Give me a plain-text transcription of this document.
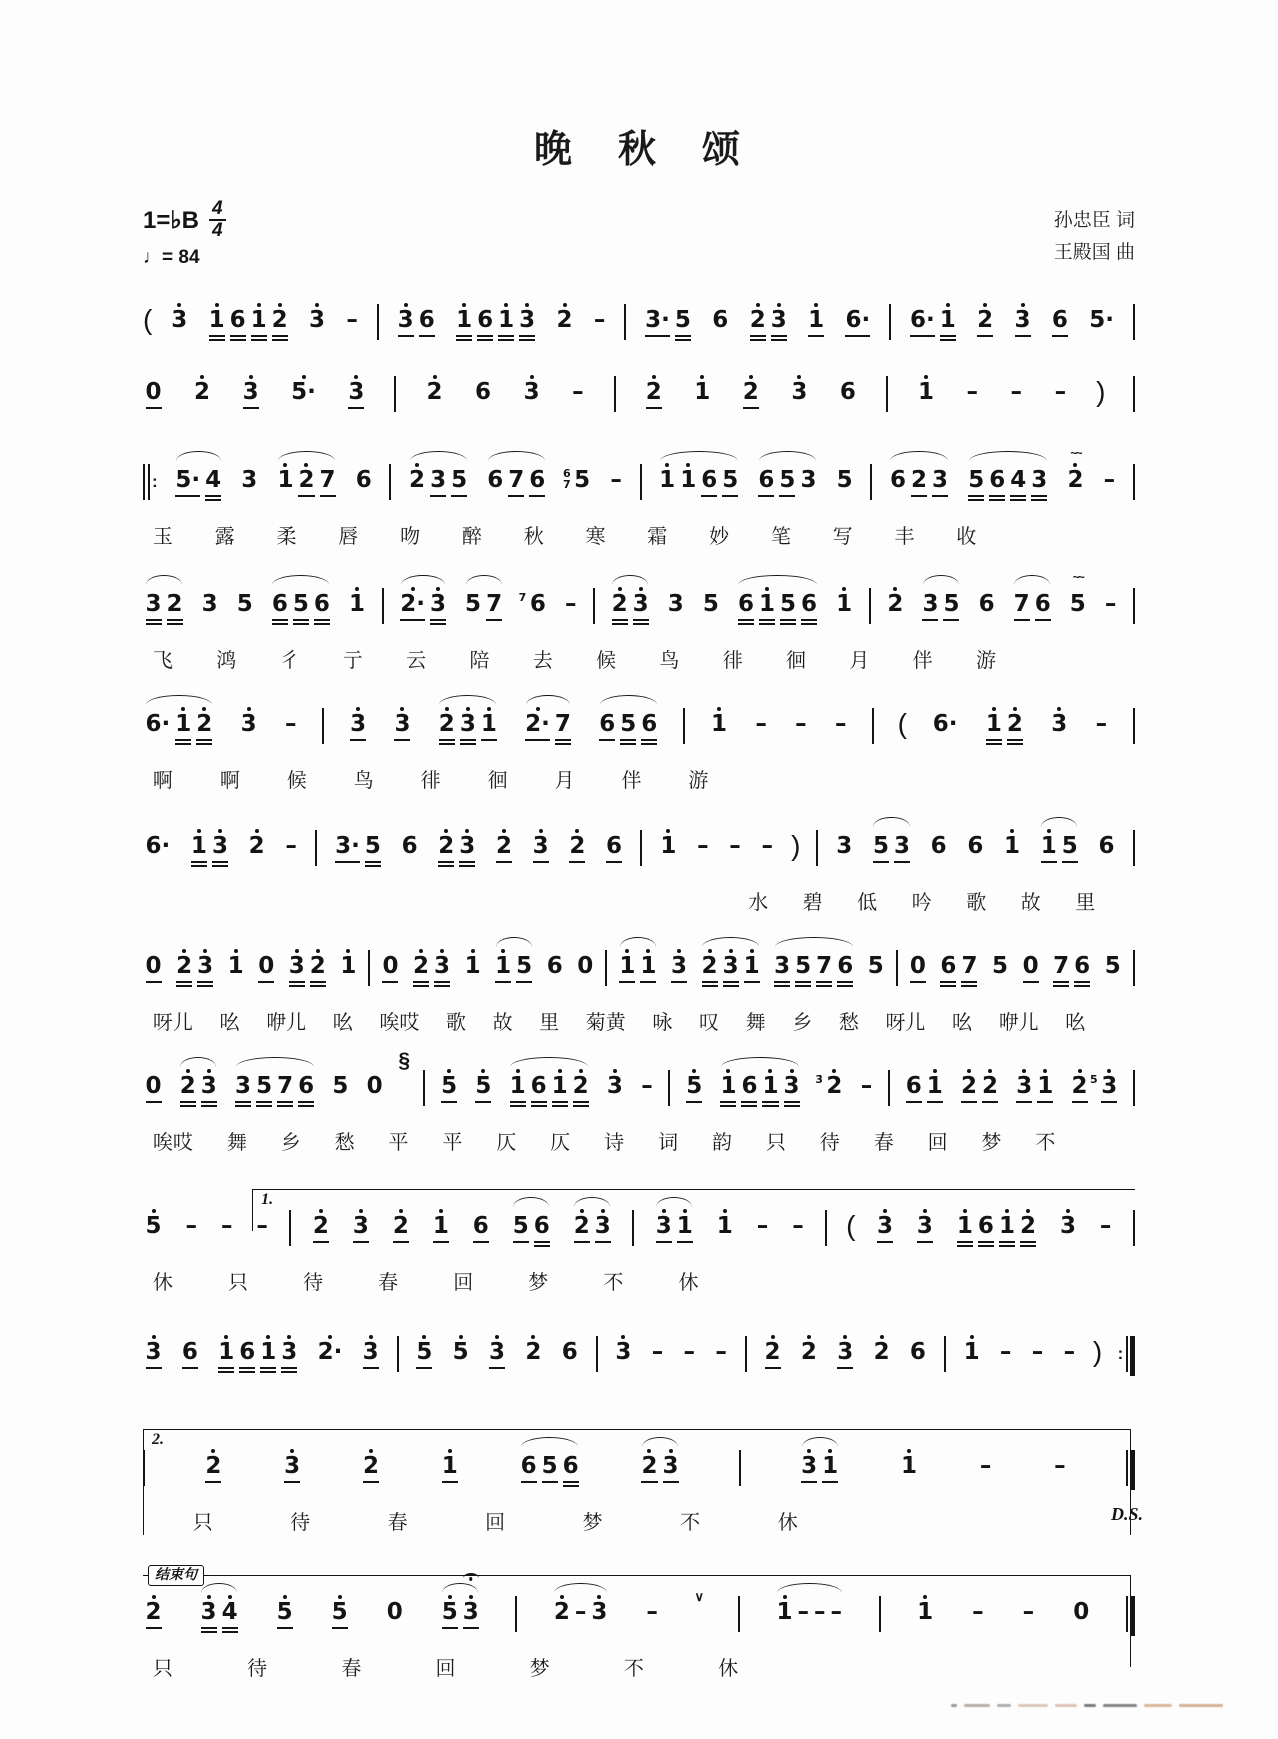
晚　秋　颂
1=♭B $\frac{4}{4}$
♩= 84
孙忠臣 词
王殿国 曲
( 3 1 6 1 2 3 – 3 6 1 6 1 3 2 – 3· 5 6 2 3 1 6· 6· 1 2 3 6 5·
0 2 3 5· 3	2 6 3 –	2 1 2 3 6	1 – – – )
: 5· 4 3 1 2 7 6 2 3 5 6 7 6 6
7 5 – 1 1 6 5 6 5 3 5 6 2 3 5 6 4 3
~~
2 –
玉 露 柔 唇 吻 醉 秋 寒 霜 妙 笔 写 丰 收
3 2 3 5 6 5 6 1 2· 3 5 7 7 6 – 2 3 3 5 6 1 5 6 1 2 3 5 6 7 6
~~
5 –
飞 鸿 彳 亍 云 陪 去 候 鸟 徘 徊 月 伴 游
6· 1 2 3 – 3 3 2 3 1 2· 7 6 5 6 1 – – – ( 6· 1 2 3 –
啊 啊 候 鸟 徘 徊 月 伴 游
6· 1 3 2 – 3· 5 6 2 3 2 3 2 6 1 – – – ) 3 5 3 6 6 1 1 5 6
水 碧 低 吟 歌 故 里
0 2 3 1 0 3 2 1 0 2 3 1 1 5 6 0 1 1 3 2 3 1 3 5 7 6 5 0 6 7 5 0 7 6 5
呀儿 吆 咿儿 吆 唉哎 歌 故 里 菊黄 咏 叹 舞 乡 愁 呀儿 吆 咿儿 吆
0 2 3 3 5 7 6 5 0
§
5 5 1 6 1 2 3 – 5 1 6 1 3 3̇ 2 – 6 1 2 2 3 1 2 5̇ 3
唉哎 舞 乡 愁 平 平 仄 仄 诗 词 韵 只 待 春 回 梦 不
1.
5 – – – 2 3 2 1 6 5 6 2 3 3 1 1 – – ( 3 3 1 6 1 2 3 –
休	只	待	春	回	梦	不	休
3 6 1 6 1 3 2· 3 5 5 3 2 6 3 – – – 2 2 3 2 6 1 – – – ) :
2.
2	3	2	1	6 5 6	2 3	3 1	1	–	–
只	待	春	回	梦	不	休	D.S.
结束句
2 3 4 5 5 0 5 3	2 – 3 –
∨
1 – – –	1 – – 0
只	待	春	回	梦	不	休
